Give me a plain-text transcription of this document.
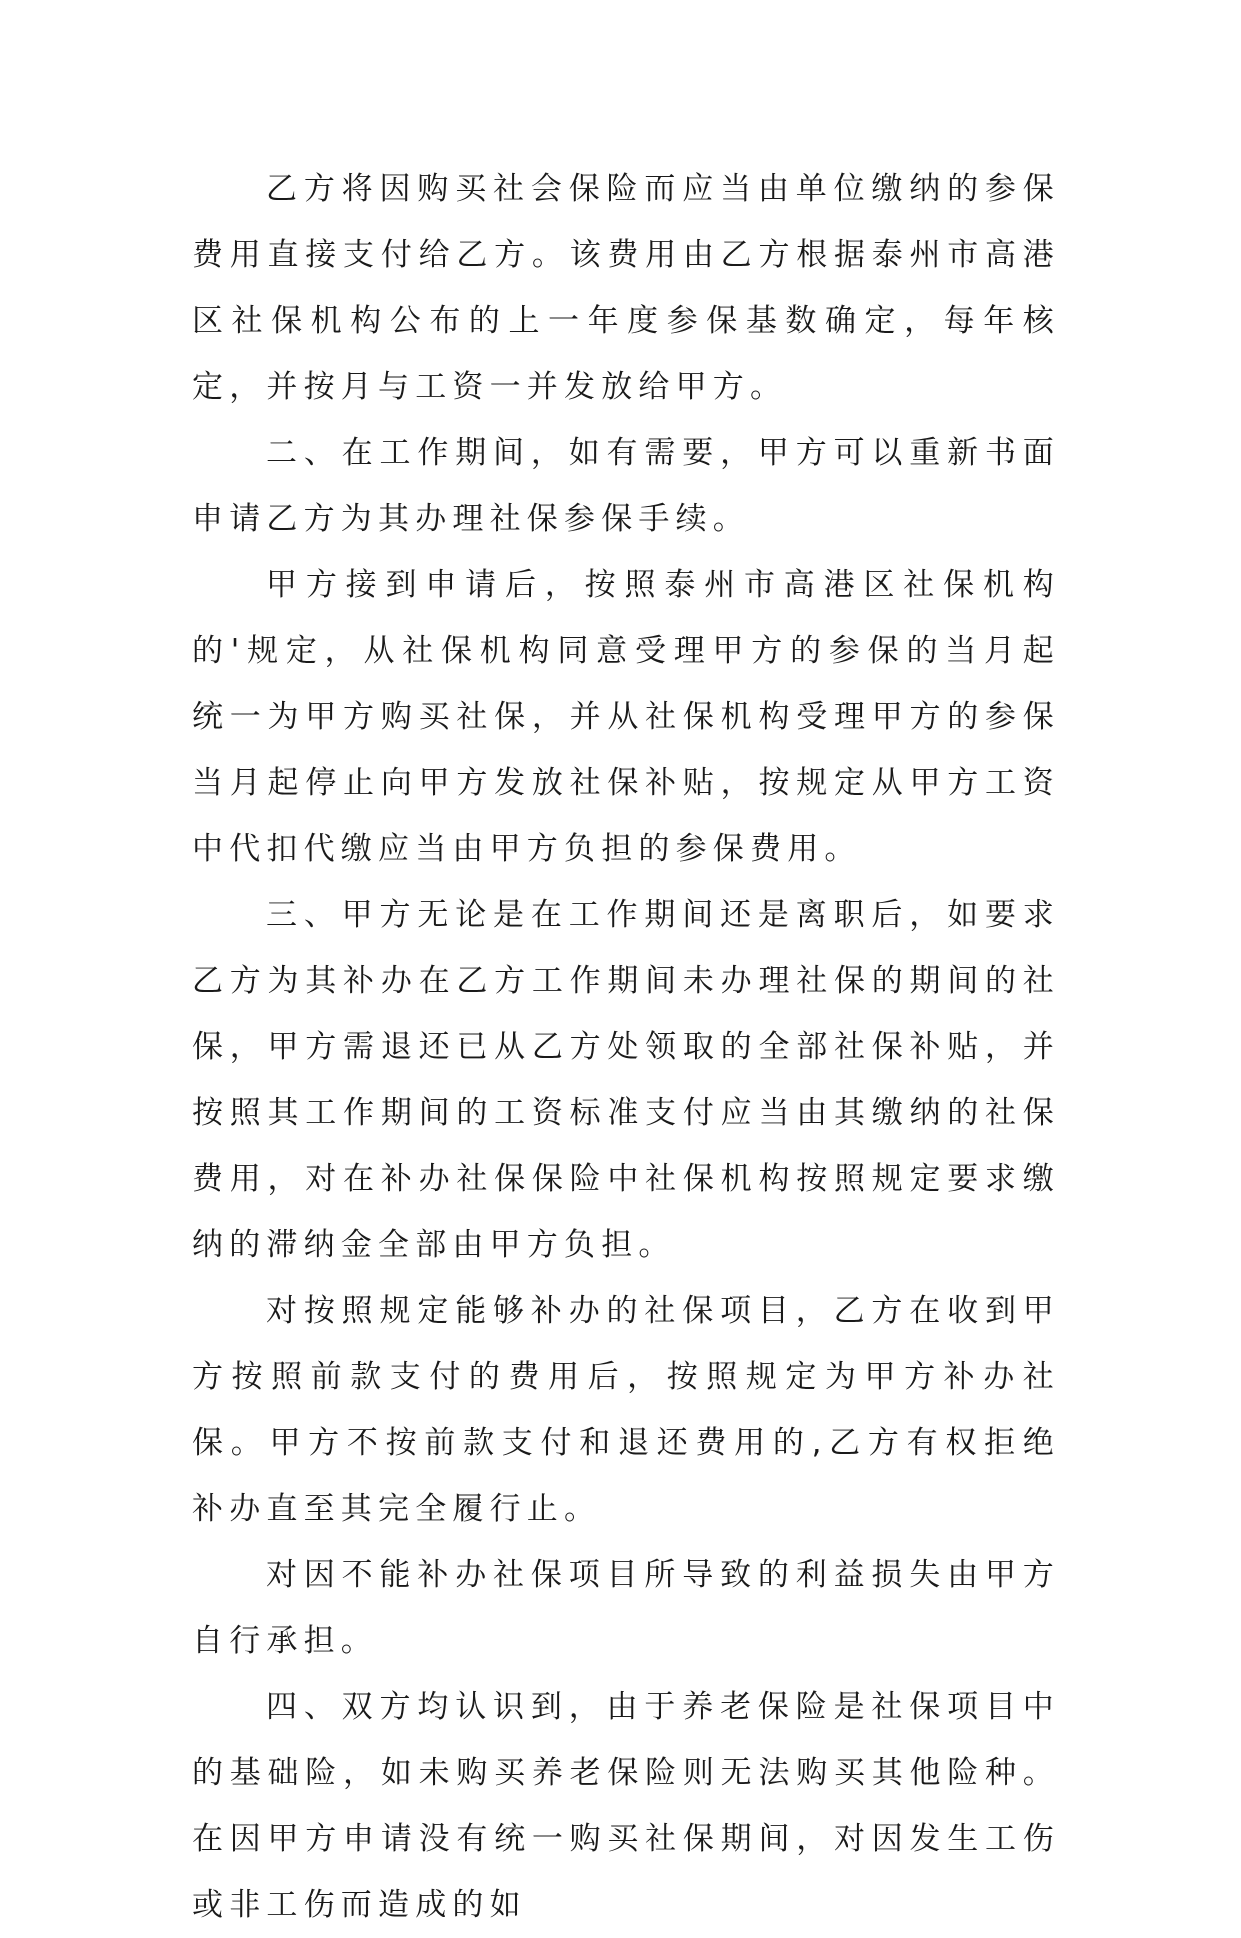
乙方将因购买社会保险而应当由单位缴纳的参保费用直接支付给乙方。该费用由乙方根据泰州市高港区社保机构公布的上一年度参保基数确定，每年核定，并按月与工资一并发放给甲方。

二、在工作期间，如有需要，甲方可以重新书面申请乙方为其办理社保参保手续。

甲方接到申请后，按照泰州市高港区社保机构的'规定，从社保机构同意受理甲方的参保的当月起统一为甲方购买社保，并从社保机构受理甲方的参保当月起停止向甲方发放社保补贴，按规定从甲方工资中代扣代缴应当由甲方负担的参保费用。

三、甲方无论是在工作期间还是离职后，如要求乙方为其补办在乙方工作期间未办理社保的期间的社保，甲方需退还已从乙方处领取的全部社保补贴，并按照其工作期间的工资标准支付应当由其缴纳的社保费用，对在补办社保保险中社保机构按照规定要求缴纳的滞纳金全部由甲方负担。

对按照规定能够补办的社保项目，乙方在收到甲方按照前款支付的费用后，按照规定为甲方补办社保。甲方不按前款支付和退还费用的,乙方有权拒绝补办直至其完全履行止。

对因不能补办社保项目所导致的利益损失由甲方自行承担。

四、双方均认识到，由于养老保险是社保项目中的基础险，如未购买养老保险则无法购买其他险种。在因甲方申请没有统一购买社保期间，对因发生工伤或非工伤而造成的如
